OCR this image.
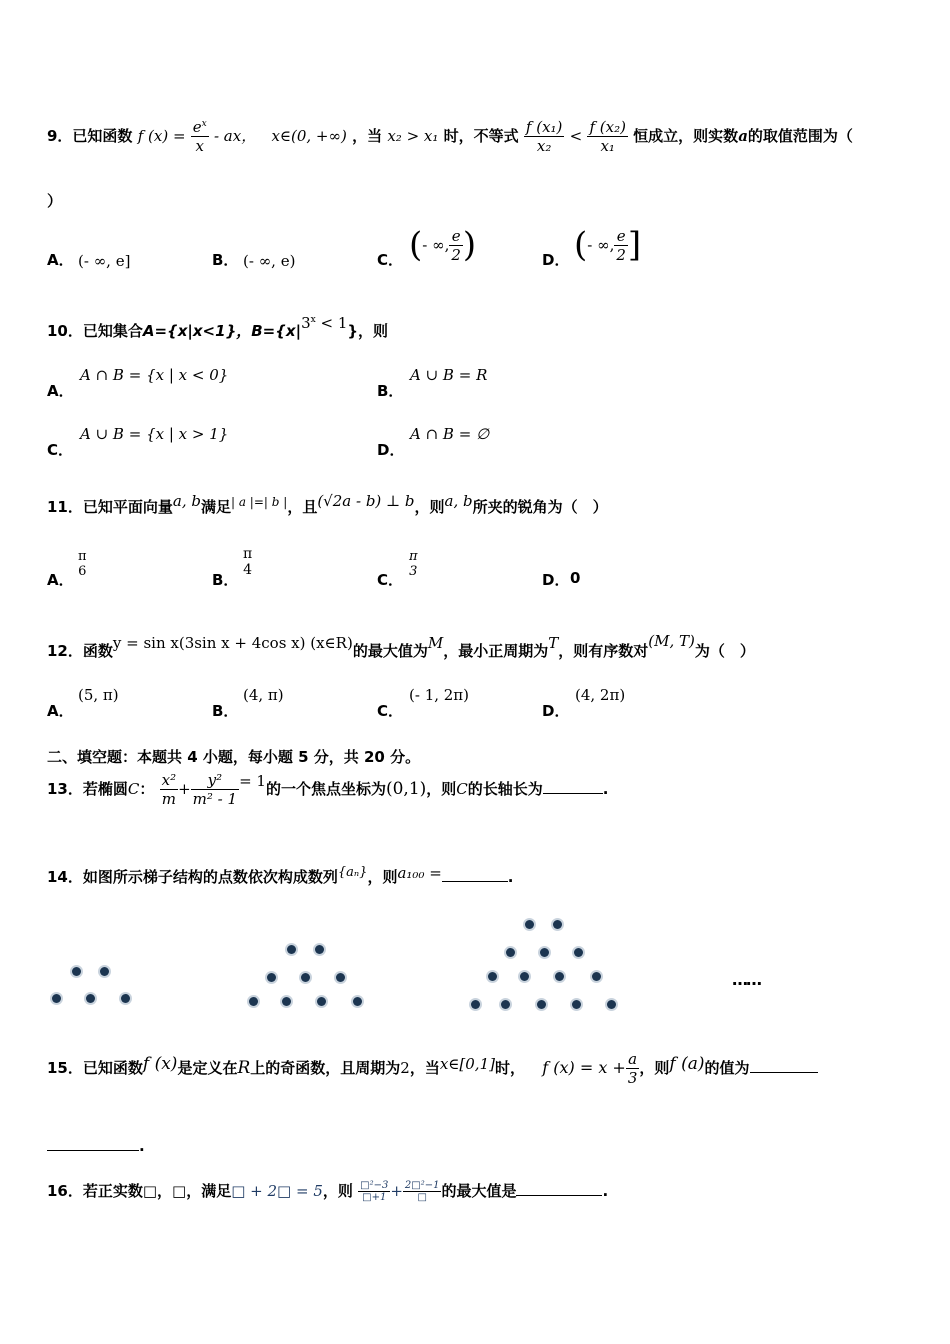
9．已知函数 f $(x) = \frac{e^x}{x}$ - ax， x∈(0, +∞) ，当 x₂ > x₁ 时，不等式 $\frac{\text{f (x₁)}}{\text{x₂}} < \frac{\text{f (x₂)}}{\text{x₁}}$ 恒成立，则实数a的取值范围为（
）
A． (- ∞, e]	B． (- ∞, e)	C． (- ∞, $\frac{e}{2}$ )	D． (- ∞, $\frac{e}{2}$ ]
10．已知集合A={x|x<1}，$B=\{x|3^x < 1\}$，则
A．
A ∩ B = {x | x < 0}
B．
A ∪ B = R
C．
A ∪ B = {x | x > 1}
D．
A ∩ B = ∅
11．已知平面向量a, b满足$^{| a |=| b |}$，且(√2a - b) ⊥ b，则a, b所夹的锐角为（　）
A．
π
6	B．
π
4
C．
π
3	D． 0
12．函数y = sin x(3sin x + 4cos x) (x∈R)的最大值为M，最小正周期为T，则有序数对(M, T)为（　）
A．
(5, π)
B．
(4, π)
C．
(- 1, 2π)
D．
(4, 2π)
二、填空题：本题共 4 小题，每小题 5 分，共 20 分。
13．若椭圆C： $\frac{\text{x²}}{m} + \frac{\text{y²}}{\text{m² - 1}} = 1$的一个焦点坐标为(0,1)，则C的长轴长为	.
14．如图所示梯子结构的点数依次构成数列{aₙ}，则a₁₀₀ =	.
……
15．已知函数f (x)是定义在R上的奇函数，且周期为2，当x∈[0,1]时， f $(x) = x + \frac{a}{3}$ ，则f (a)的值为
.
16．若正实数□，□，满足□ + 2□ = 5，则 $\frac{\text{□²−3}}{□+1} + \frac{\text{2□²−1}}{□}$ 的最大值是	.
